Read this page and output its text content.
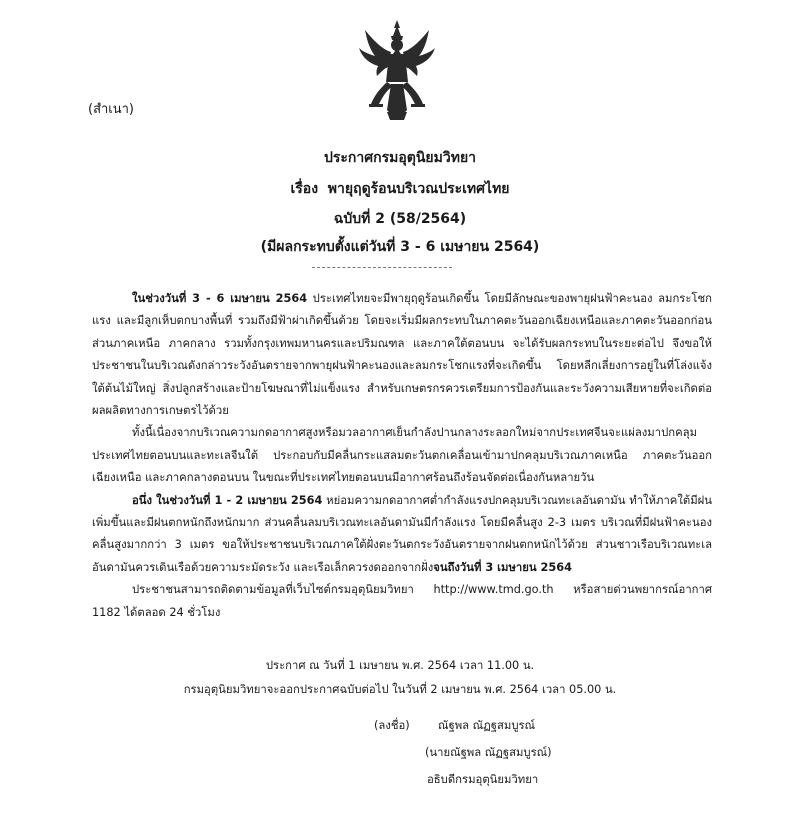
(สำเนา)
ประกาศกรมอุตุนิยมวิทยา
เรื่อง พายุฤดูร้อนบริเวณประเทศไทย
ฉบับที่ 2 (58/2564)
(มีผลกระทบตั้งแต่วันที่ 3 - 6 เมษายน 2564)

ในช่วงวันที่ 3 - 6 เมษายน 2564 ประเทศไทยจะมีพายุฤดูร้อนเกิดขึ้น โดยมีลักษณะของพายุฝนฟ้าคะนอง ลมกระโชกแรง และมีลูกเห็บตกบางพื้นที่ รวมถึงมีฟ้าผ่าเกิดขึ้นด้วย โดยจะเริ่มมีผลกระทบในภาคตะวันออกเฉียงเหนือและภาคตะวันออกก่อน ส่วนภาคเหนือ ภาคกลาง รวมทั้งกรุงเทพมหานครและปริมณฑล และภาคใต้ตอนบน จะได้รับผลกระทบในระยะต่อไป จึงขอให้ประชาชนในบริเวณดังกล่าวระวังอันตรายจากพายุฝนฟ้าคะนองและลมกระโชกแรงที่จะเกิดขึ้น โดยหลีกเลี่ยงการอยู่ในที่โล่งแจ้ง ใต้ต้นไม้ใหญ่ สิ่งปลูกสร้างและป้ายโฆษณาที่ไม่แข็งแรง สำหรับเกษตรกรควรเตรียมการป้องกันและระวังความเสียหายที่จะเกิดต่อผลผลิตทางการเกษตรไว้ด้วย

ทั้งนี้เนื่องจากบริเวณความกดอากาศสูงหรือมวลอากาศเย็นกำลังปานกลางระลอกใหม่จากประเทศจีนจะแผ่ลงมาปกคลุมประเทศไทยตอนบนและทะเลจีนใต้ ประกอบกับมีคลื่นกระแสลมตะวันตกเคลื่อนเข้ามาปกคลุมบริเวณภาคเหนือ ภาคตะวันออกเฉียงเหนือ และภาคกลางตอนบน ในขณะที่ประเทศไทยตอนบนมีอากาศร้อนถึงร้อนจัดต่อเนื่องกันหลายวัน

อนึ่ง ในช่วงวันที่ 1 - 2 เมษายน 2564 หย่อมความกดอากาศต่ำกำลังแรงปกคลุมบริเวณทะเลอันดามัน ทำให้ภาคใต้มีฝนเพิ่มขึ้นและมีฝนตกหนักถึงหนักมาก ส่วนคลื่นลมบริเวณทะเลอันดามันมีกำลังแรง โดยมีคลื่นสูง 2-3 เมตร บริเวณที่มีฝนฟ้าคะนองคลื่นสูงมากกว่า 3 เมตร ขอให้ประชาชนบริเวณภาคใต้ฝั่งตะวันตกระวังอันตรายจากฝนตกหนักไว้ด้วย ส่วนชาวเรือบริเวณทะเลอันดามันควรเดินเรือด้วยความระมัดระวัง และเรือเล็กควรงดออกจากฝั่งจนถึงวันที่ 3 เมษายน 2564

ประชาชนสามารถติดตามข้อมูลที่เว็บไซต์กรมอุตุนิยมวิทยา http://www.tmd.go.th หรือสายด่วนพยากรณ์อากาศ 1182 ได้ตลอด 24 ชั่วโมง

ประกาศ ณ วันที่ 1 เมษายน พ.ศ. 2564 เวลา 11.00 น.
กรมอุตุนิยมวิทยาจะออกประกาศฉบับต่อไป ในวันที่ 2 เมษายน พ.ศ. 2564 เวลา 05.00 น.
(ลงชื่อ)	ณัฐพล ณัฏฐสมบูรณ์
(นายณัฐพล ณัฏฐสมบูรณ์)
อธิบดีกรมอุตุนิยมวิทยา
